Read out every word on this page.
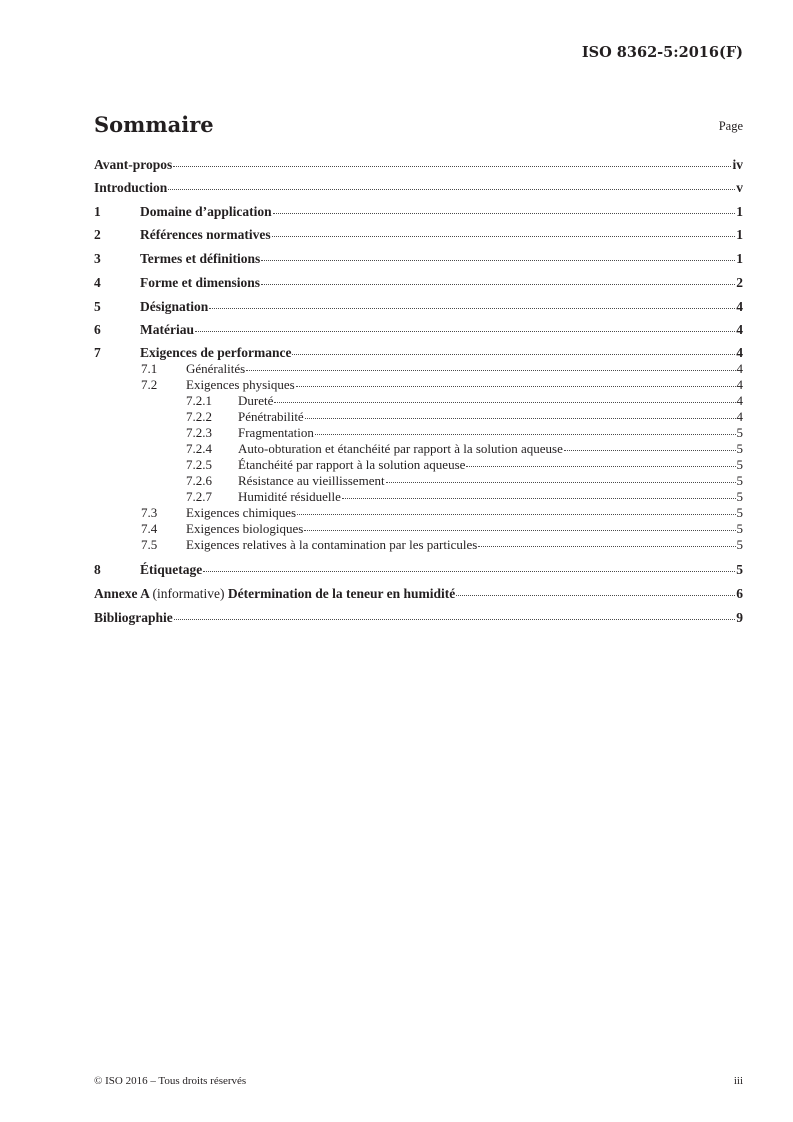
ISO 8362-5:2016(F)
Sommaire	Page
Avant-propos	iv
Introduction	v
1	Domaine d’application	1
2	Références normatives	1
3	Termes et définitions	1
4	Forme et dimensions	2
5	Désignation	4
6	Matériau	4
7	Exigences de performance	4
7.1	Généralités	4
7.2	Exigences physiques	4
7.2.1	Dureté	4
7.2.2	Pénétrabilité	4
7.2.3	Fragmentation	5
7.2.4	Auto-obturation et étanchéité par rapport à la solution aqueuse	5
7.2.5	Étanchéité par rapport à la solution aqueuse	5
7.2.6	Résistance au vieillissement	5
7.2.7	Humidité résiduelle	5
7.3	Exigences chimiques	5
7.4	Exigences biologiques	5
7.5	Exigences relatives à la contamination par les particules	5
8	Étiquetage	5
Annexe A (informative) Détermination de la teneur en humidité	6
Bibliographie	9
© ISO 2016 – Tous droits réservés	iii
